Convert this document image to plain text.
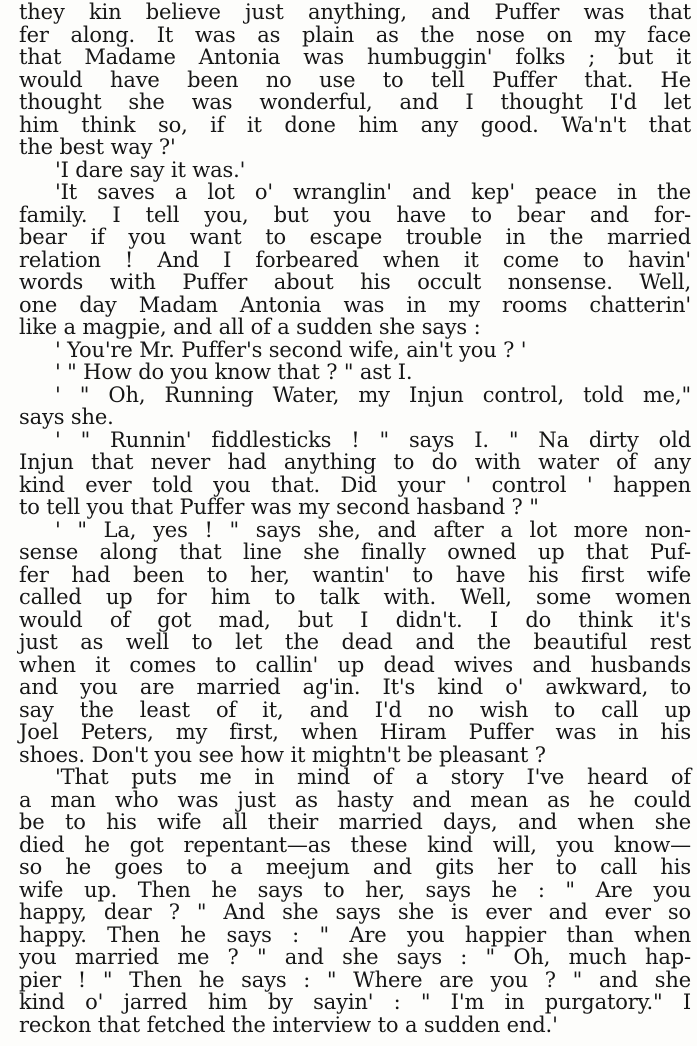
they kin believe just anything, and Puffer was that
fer along. It was as plain as the nose on my face
that Madame Antonia was humbuggin' folks ; but it
would have been no use to tell Puffer that. He
thought she was wonderful, and I thought I'd let
him think so, if it done him any good. Wa'n't that
the best way ?'
'I dare say it was.'
'It saves a lot o' wranglin' and kep' peace in the
family. I tell you, but you have to bear and for-
bear if you want to escape trouble in the married
relation ! And I forbeared when it come to havin'
words with Puffer about his occult nonsense. Well,
one day Madam Antonia was in my rooms chatterin'
like a magpie, and all of a sudden she says :
' You're Mr. Puffer's second wife, ain't you ? '
' " How do you know that ? " ast I.
' " Oh, Running Water, my Injun control, told me,"
says she.
' " Runnin' fiddlesticks ! " says I. " Na dirty old
Injun that never had anything to do with water of any
kind ever told you that. Did your ' control ' happen
to tell you that Puffer was my second hasband ? "
' " La, yes ! " says she, and after a lot more non-
sense along that line she finally owned up that Puf-
fer had been to her, wantin' to have his first wife
called up for him to talk with. Well, some women
would of got mad, but I didn't. I do think it's
just as well to let the dead and the beautiful rest
when it comes to callin' up dead wives and husbands
and you are married ag'in. It's kind o' awkward, to
say the least of it, and I'd no wish to call up
Joel Peters, my first, when Hiram Puffer was in his
shoes. Don't you see how it mightn't be pleasant ?
'That puts me in mind of a story I've heard of
a man who was just as hasty and mean as he could
be to his wife all their married days, and when she
died he got repentant—as these kind will, you know—
so he goes to a meejum and gits her to call his
wife up. Then he says to her, says he : " Are you
happy, dear ? " And she says she is ever and ever so
happy. Then he says : " Are you happier than when
you married me ? " and she says : " Oh, much hap-
pier ! " Then he says : " Where are you ? " and she
kind o' jarred him by sayin' : " I'm in purgatory." I
reckon that fetched the interview to a sudden end.'
